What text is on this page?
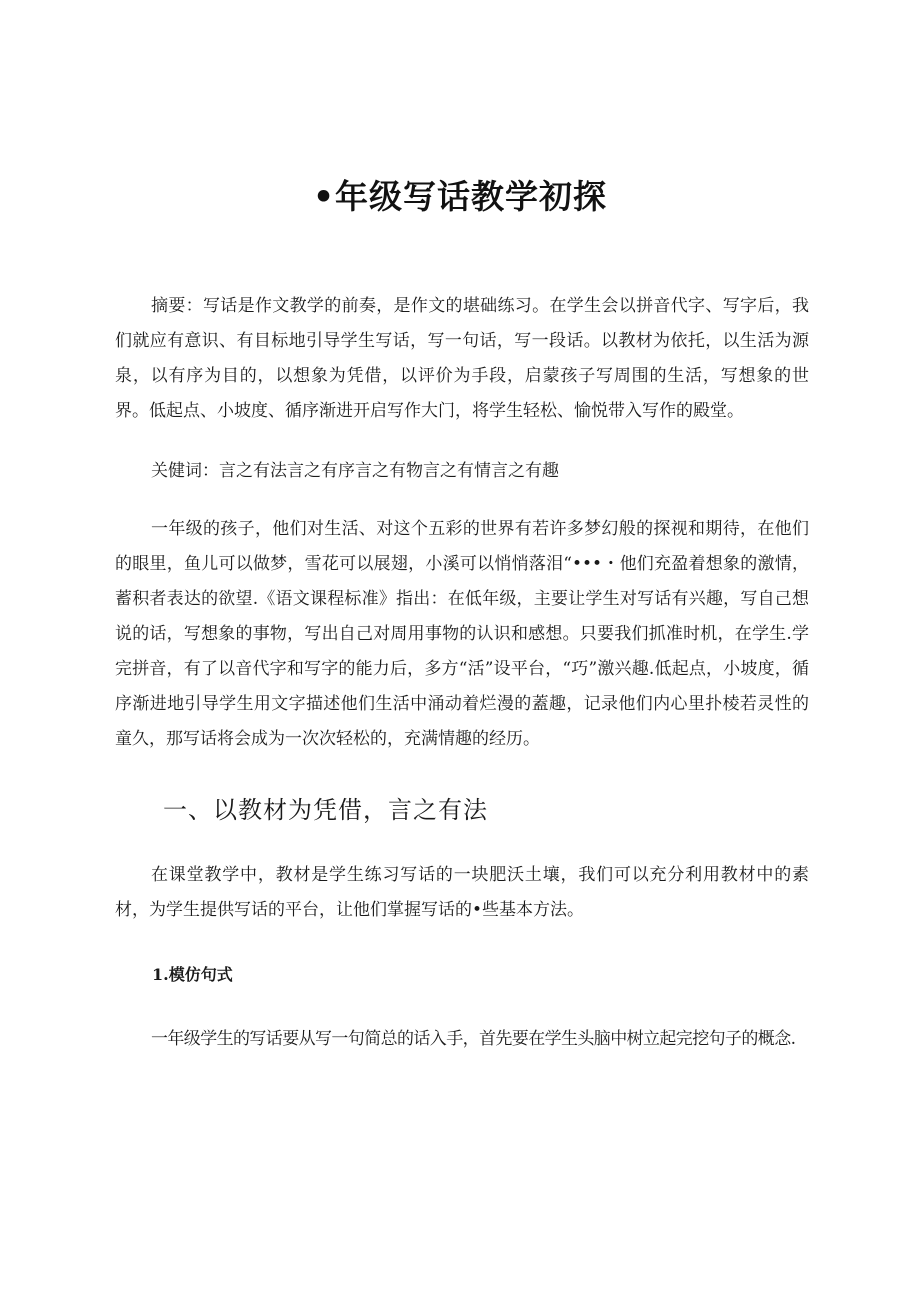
•年级写话教学初探

摘要：写话是作文教学的前奏，是作文的堪础练习。在学生会以拼音代字、写字后，我们就应有意识、有目标地引导学生写话，写一句话，写一段话。以教材为依托，以生活为源泉，以有序为目的，以想象为凭借，以评价为手段，启蒙孩子写周围的生活，写想象的世界。低起点、小坡度、循序渐进开启写作大门，将学生轻松、愉悦带入写作的殿堂。

关健词：言之有法言之有序言之有物言之有情言之有趣

一年级的孩子，他们对生活、对这个五彩的世界有若许多梦幻般的探视和期待，在他们的眼里，鱼儿可以做梦，雪花可以展翅，小溪可以悄悄落泪“•••・他们充盈着想象的激情，蓄积者表达的欲望.《语文课程标准》指出：在低年级，主要让学生对写话有兴趣，写自己想说的话，写想象的事物，写出自己对周用事物的认识和感想。只要我们抓准时机，在学生.学完拼音，有了以音代字和写字的能力后，多方“活”设平台，“巧”激兴趣.低起点，小坡度，循序渐进地引导学生用文字描述他们生活中涌动着烂漫的蓋趣，记录他们内心里扑棱若灵性的童久，那写话将会成为一次次轻松的，充满情趣的经历。

一、以教材为凭借，言之有法

在课堂教学中，教材是学生练习写话的一块肥沃土壤，我们可以充分利用教材中的素材，为学生提供写话的平台，让他们掌握写话的•些基本方法。

1.模仿句式

一年级学生的写话要从写一句简总的话入手，首先要在学生头脑中树立起完挖句子的概念.
